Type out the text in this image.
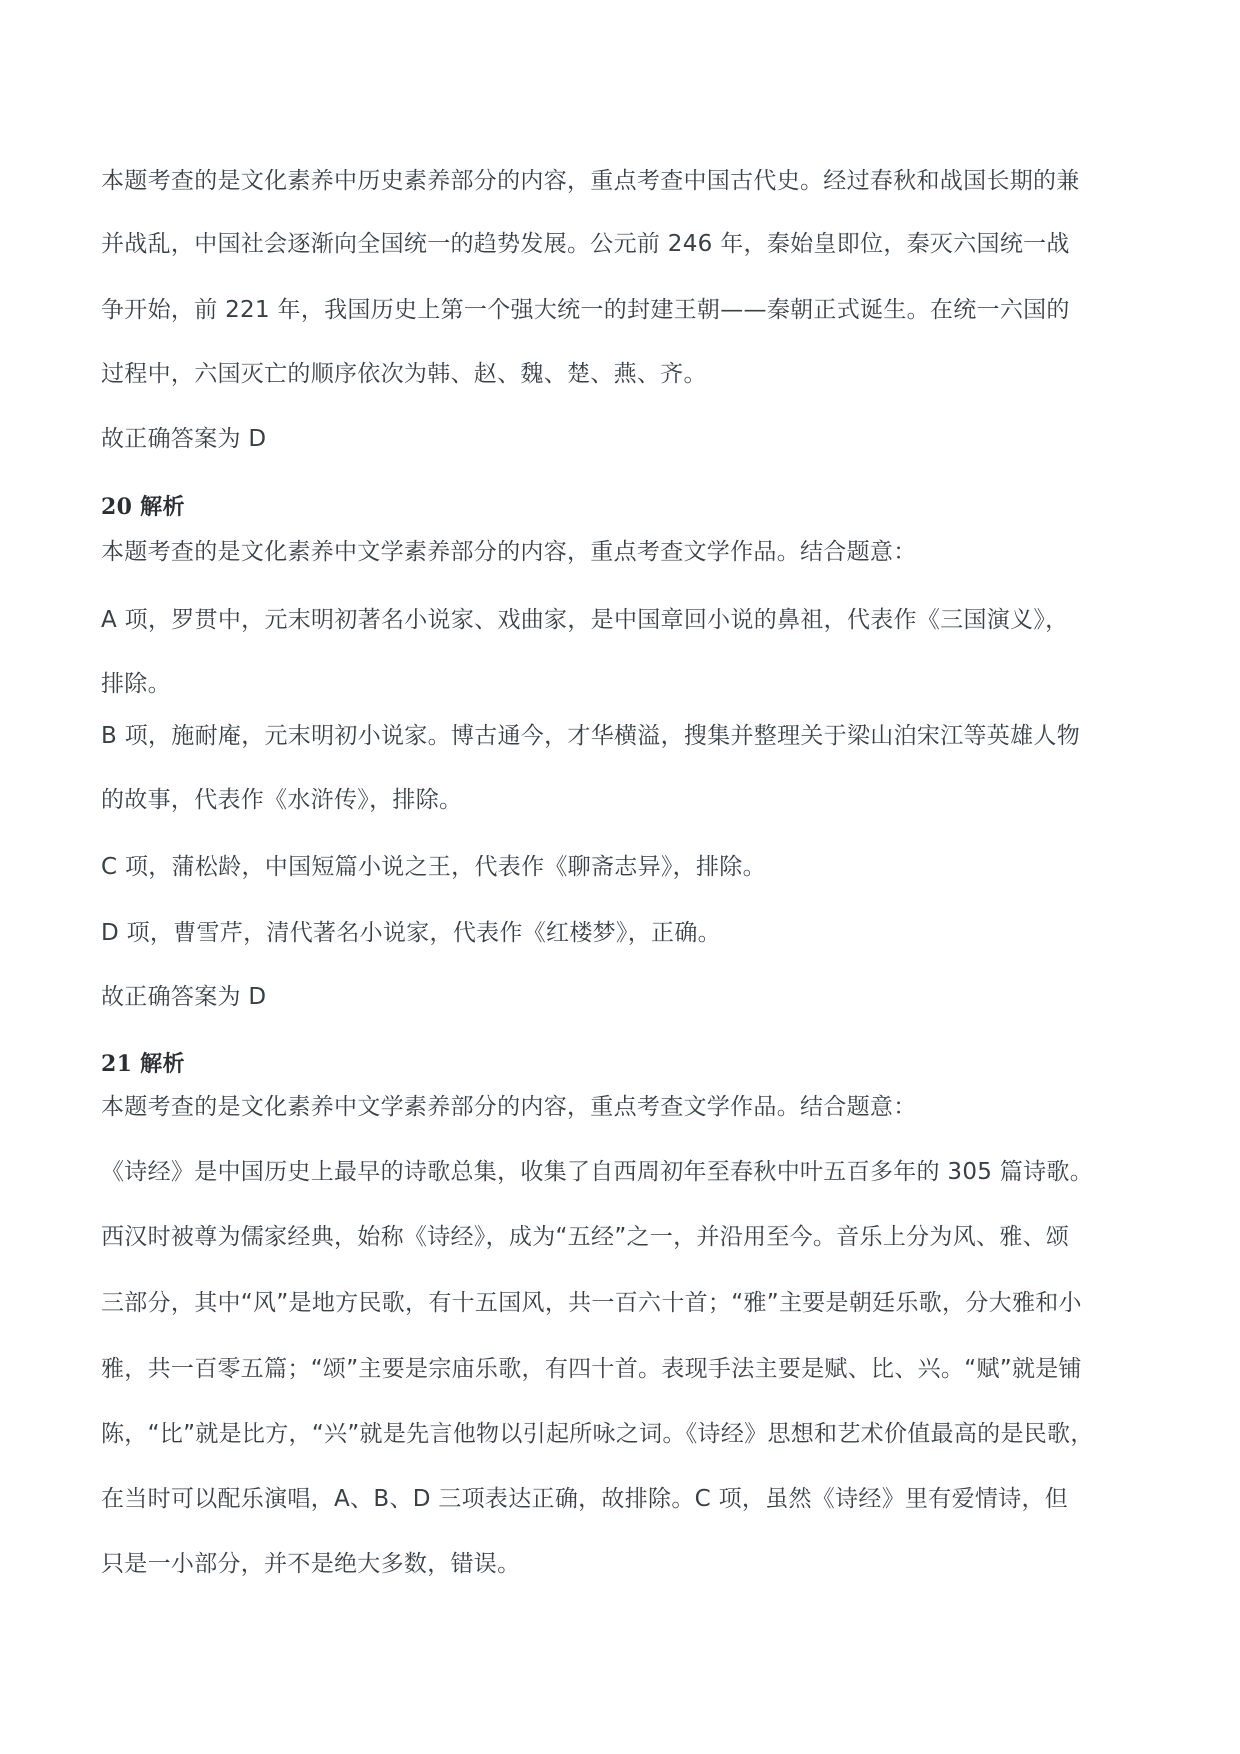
本题考查的是文化素养中历史素养部分的内容，重点考查中国古代史。经过春秋和战国长期的兼
并战乱，中国社会逐渐向全国统一的趋势发展。公元前 246 年，秦始皇即位，秦灭六国统一战
争开始，前 221 年，我国历史上第一个强大统一的封建王朝——秦朝正式诞生。在统一六国的
过程中，六国灭亡的顺序依次为韩、赵、魏、楚、燕、齐。
故正确答案为 D
20 解析
本题考查的是文化素养中文学素养部分的内容，重点考查文学作品。结合题意：
A 项，罗贯中，元末明初著名小说家、戏曲家，是中国章回小说的鼻祖，代表作《三国演义》，
排除。
B 项，施耐庵，元末明初小说家。博古通今，才华横溢，搜集并整理关于梁山泊宋江等英雄人物
的故事，代表作《水浒传》，排除。
C 项，蒲松龄，中国短篇小说之王，代表作《聊斋志异》，排除。
D 项，曹雪芹，清代著名小说家，代表作《红楼梦》，正确。
故正确答案为 D
21 解析
本题考查的是文化素养中文学素养部分的内容，重点考查文学作品。结合题意：
《诗经》是中国历史上最早的诗歌总集，收集了自西周初年至春秋中叶五百多年的 305 篇诗歌。
西汉时被尊为儒家经典，始称《诗经》，成为“五经”之一，并沿用至今。音乐上分为风、雅、颂
三部分，其中“风”是地方民歌，有十五国风，共一百六十首；“雅”主要是朝廷乐歌，分大雅和小
雅，共一百零五篇；“颂”主要是宗庙乐歌，有四十首。表现手法主要是赋、比、兴。“赋”就是铺
陈，“比”就是比方，“兴”就是先言他物以引起所咏之词。《诗经》思想和艺术价值最高的是民歌，
在当时可以配乐演唱，A、B、D 三项表达正确，故排除。C 项，虽然《诗经》里有爱情诗，但
只是一小部分，并不是绝大多数，错误。
